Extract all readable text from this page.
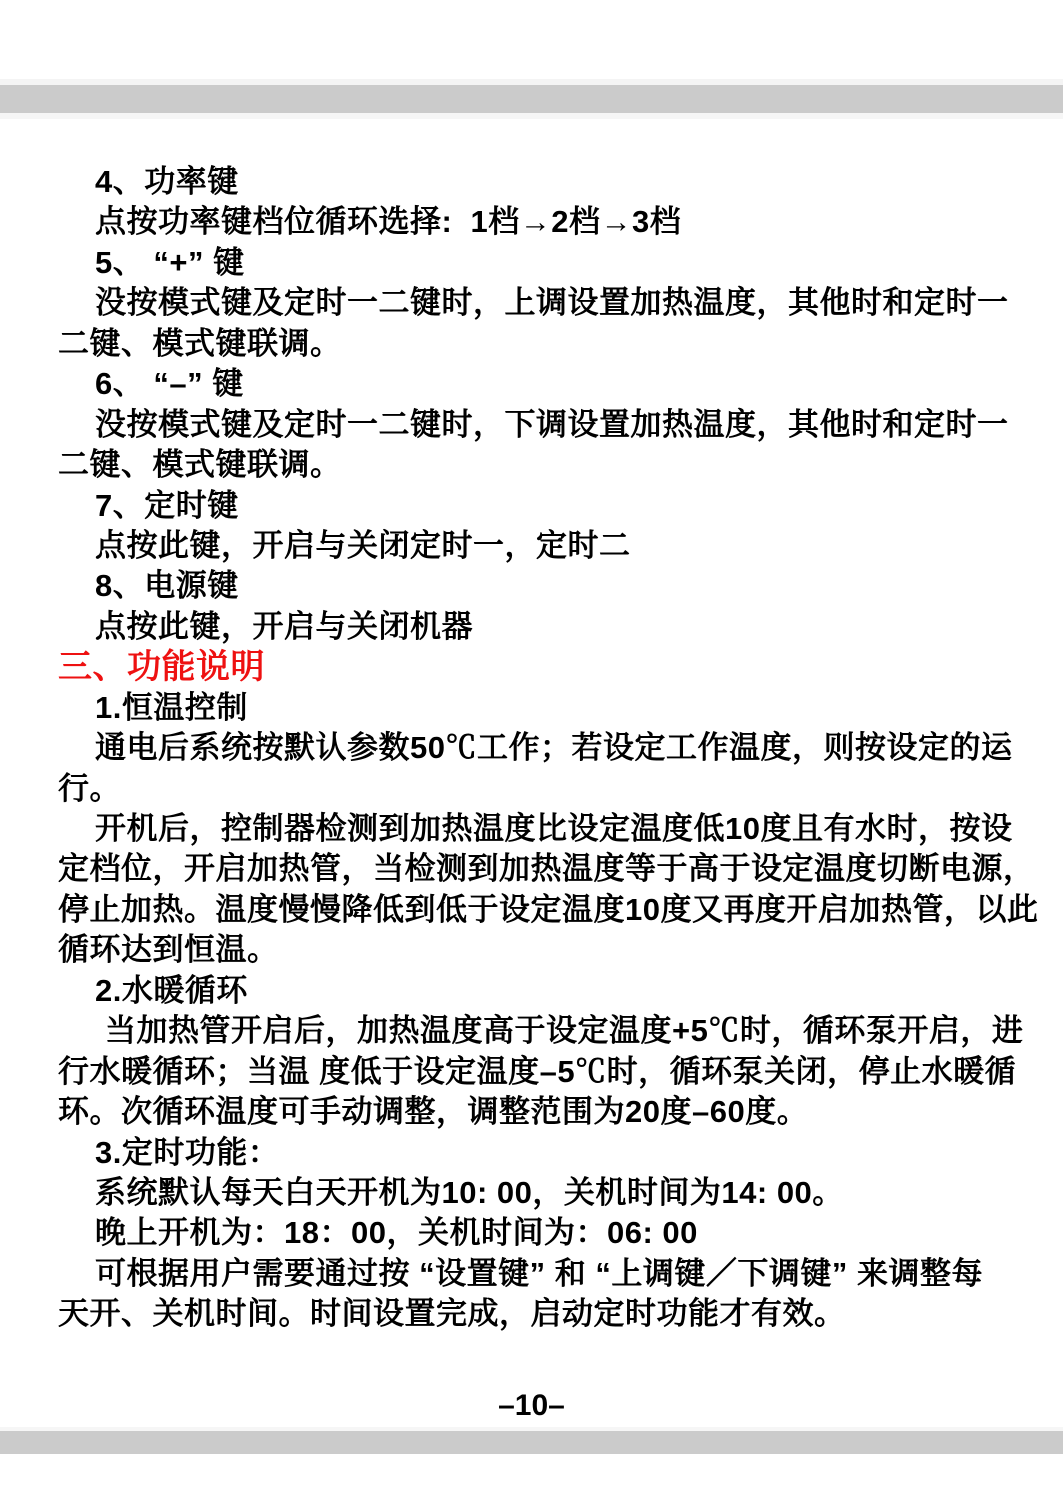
4、功率键
点按功率键档位循环选择:  1档→2档→3档
5、 “+” 键
没按模式键及定时一二键时，上调设置加热温度，其他时和定时一
二键、模式键联调。
6、 “–” 键
没按模式键及定时一二键时，下调设置加热温度，其他时和定时一
二键、模式键联调。
7、定时键
点按此键，开启与关闭定时一，定时二
8、电源键
点按此键，开启与关闭机器
三、功能说明
1.恒温控制
通电后系统按默认参数50℃工作；若设定工作温度，则按设定的运
行。
开机后，控制器检测到加热温度比设定温度低10度且有水时，按设
定档位，开启加热管，当检测到加热温度等于高于设定温度切断电源，
停止加热。温度慢慢降低到低于设定温度10度又再度开启加热管，以此
循环达到恒温。
2.水暖循环
当加热管开启后，加热温度高于设定温度+5℃时，循环泵开启，进
行水暖循环；当温 度低于设定温度–5℃时，循环泵关闭，停止水暖循
环。次循环温度可手动调整，调整范围为20度–60度。
3.定时功能：
系统默认每天白天开机为10: 00，关机时间为14: 00。
晚上开机为：18：00，关机时间为：06: 00
可根据用户需要通过按 “设置键” 和 “上调键／下调键” 来调整每
天开、关机时间。时间设置完成，启动定时功能才有效。
–10–
